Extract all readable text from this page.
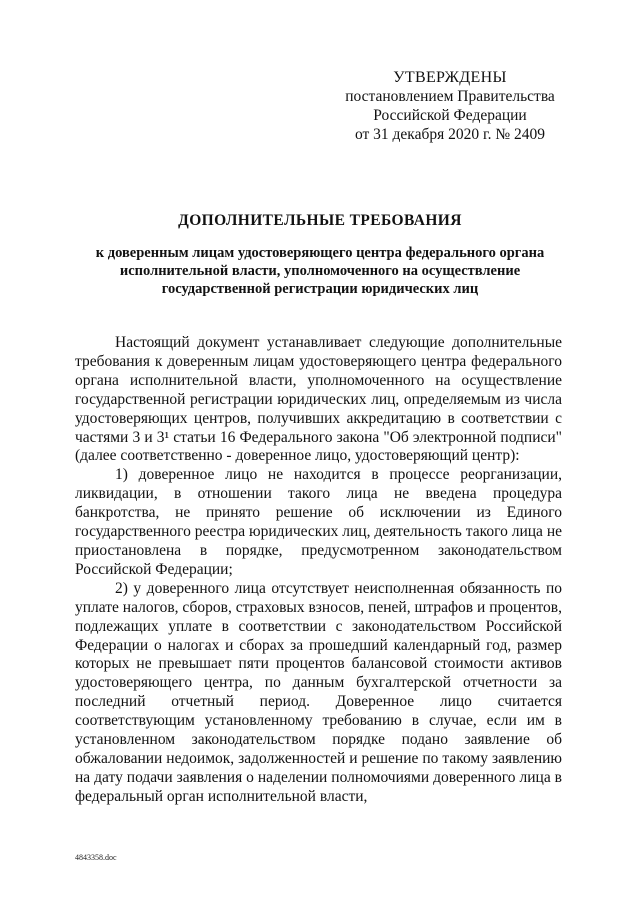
УТВЕРЖДЕНЫ
постановлением Правительства
Российской Федерации
от 31 декабря 2020 г. № 2409
ДОПОЛНИТЕЛЬНЫЕ ТРЕБОВАНИЯ
к доверенным лицам удостоверяющего центра федерального органа
исполнительной власти, уполномоченного на осуществление
государственной регистрации юридических лиц

Настоящий документ устанавливает следующие дополнительные требования к доверенным лицам удостоверяющего центра федерального органа исполнительной власти, уполномоченного на осуществление государственной регистрации юридических лиц, определяемым из числа удостоверяющих центров, получивших аккредитацию в соответствии с частями 3 и 3¹ статьи 16 Федерального закона "Об электронной подписи" (далее соответственно - доверенное лицо, удостоверяющий центр):

1) доверенное лицо не находится в процессе реорганизации, ликвидации, в отношении такого лица не введена процедура банкротства, не принято решение об исключении из Единого государственного реестра юридических лиц, деятельность такого лица не приостановлена в порядке, предусмотренном законодательством Российской Федерации;

2) у доверенного лица отсутствует неисполненная обязанность по уплате налогов, сборов, страховых взносов, пеней, штрафов и процентов, подлежащих уплате в соответствии с законодательством Российской Федерации о налогах и сборах за прошедший календарный год, размер которых не превышает пяти процентов балансовой стоимости активов удостоверяющего центра, по данным бухгалтерской отчетности за последний отчетный период. Доверенное лицо считается соответствующим установленному требованию в случае, если им в установленном законодательством порядке подано заявление об обжаловании недоимок, задолженностей и решение по такому заявлению на дату подачи заявления о наделении полномочиями доверенного лица в федеральный орган исполнительной власти,

4843358.doc
